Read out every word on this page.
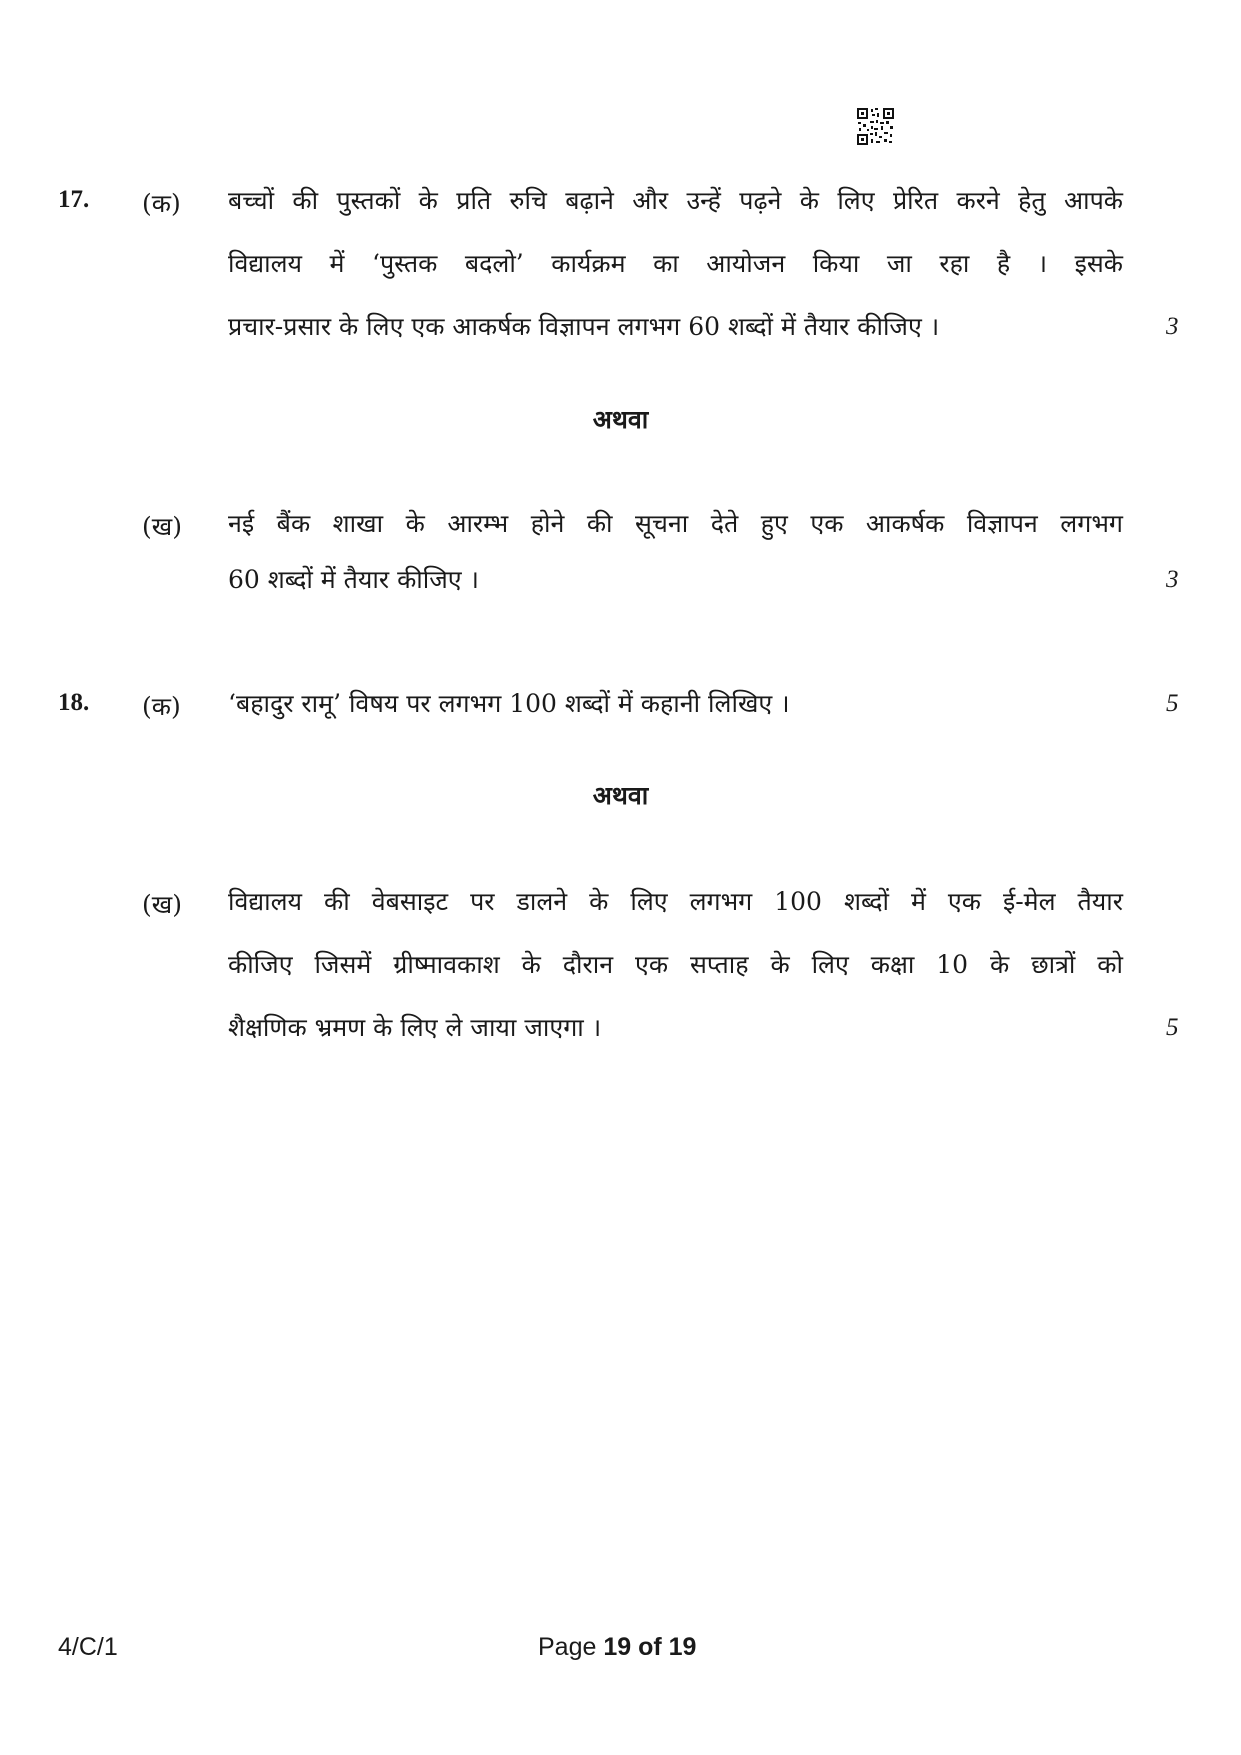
17. (क) बच्चों की पुस्तकों के प्रति रुचि बढ़ाने और उन्हें पढ़ने के लिए प्रेरित करने हेतु आपके
विद्यालय में ‘पुस्तक बदलो’ कार्यक्रम का आयोजन किया जा रहा है । इसके
प्रचार-प्रसार के लिए एक आकर्षक विज्ञापन लगभग 60 शब्दों में तैयार कीजिए ।	3
अथवा
(ख) नई बैंक शाखा के आरम्भ होने की सूचना देते हुए एक आकर्षक विज्ञापन लगभग
60 शब्दों में तैयार कीजिए ।	3
18. (क) ‘बहादुर रामू’ विषय पर लगभग 100 शब्दों में कहानी लिखिए ।	5
अथवा
(ख) विद्यालय की वेबसाइट पर डालने के लिए लगभग 100 शब्दों में एक ई-मेल तैयार
कीजिए जिसमें ग्रीष्मावकाश के दौरान एक सप्ताह के लिए कक्षा 10 के छात्रों को
शैक्षणिक भ्रमण के लिए ले जाया जाएगा ।	5
4/C/1	Page 19 of 19
